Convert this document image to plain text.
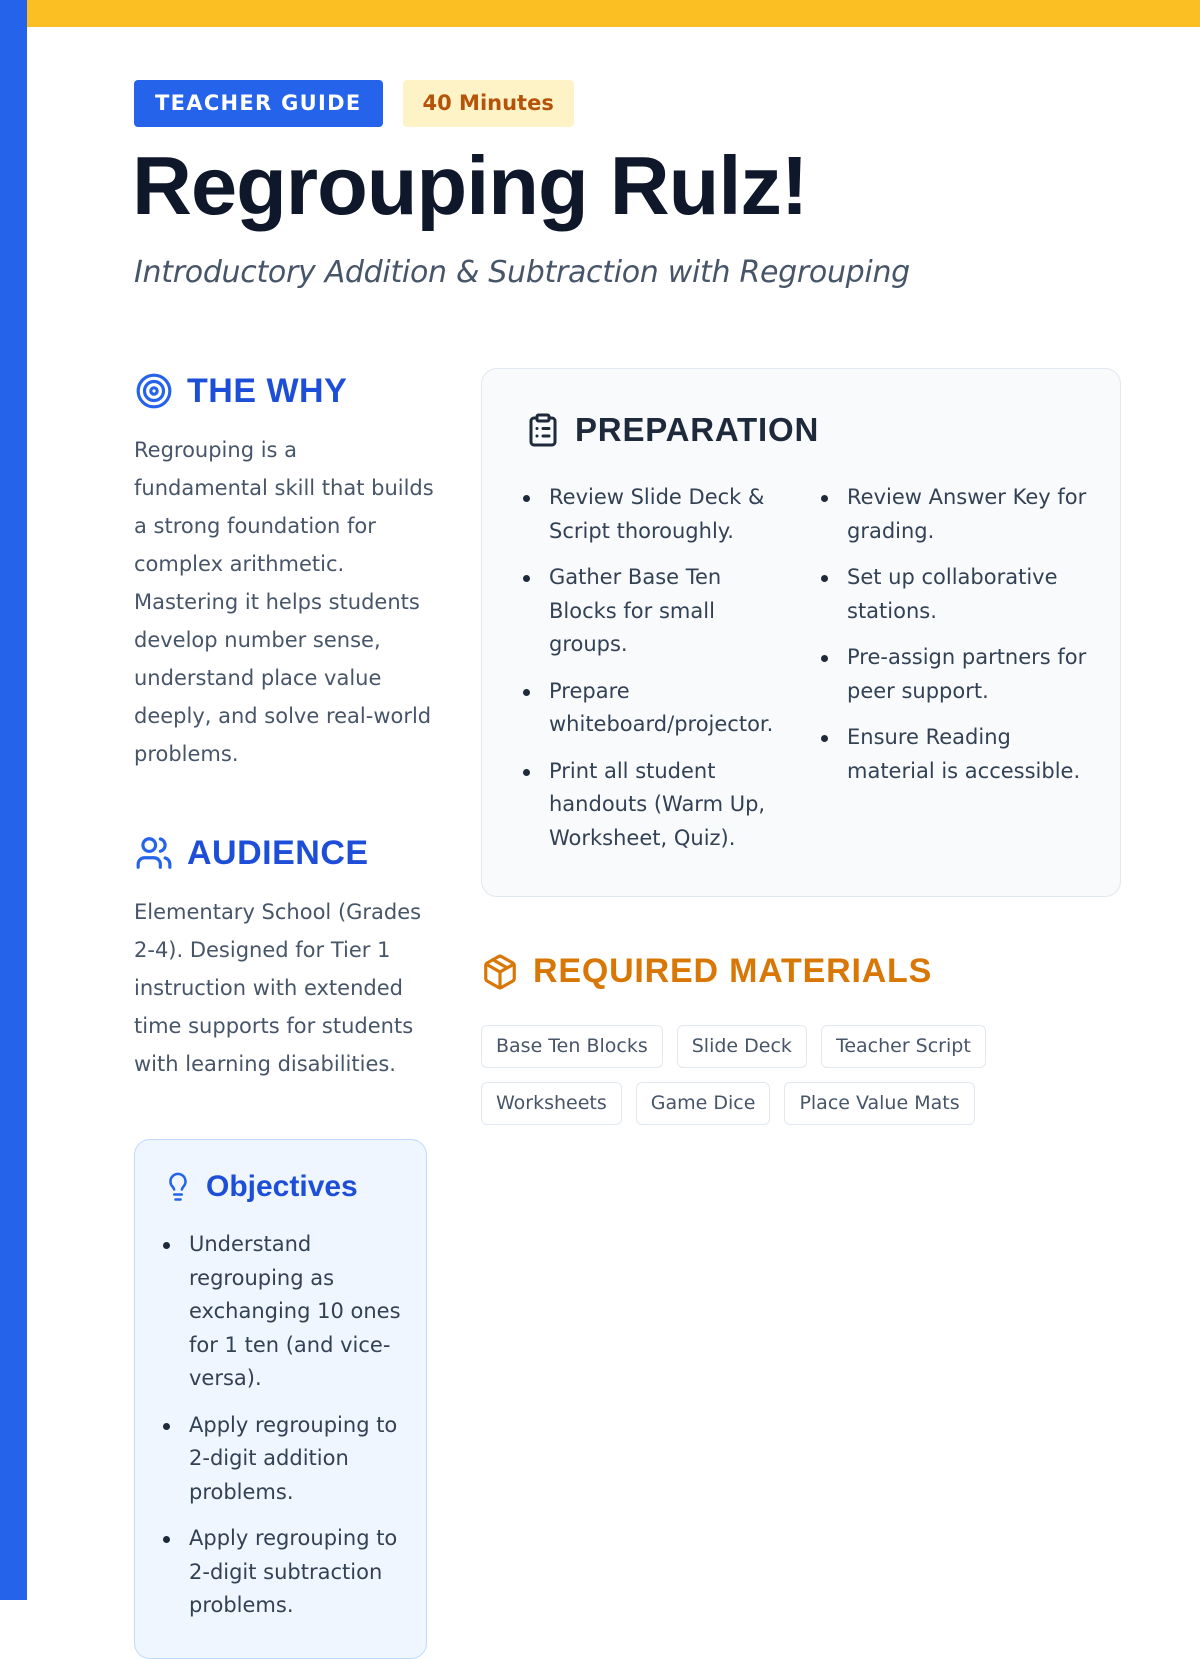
TEACHER GUIDE	40 Minutes
Regrouping Rulz!
Introductory Addition & Subtraction with Regrouping
THE WHY

Regrouping is a fundamental skill that builds a strong foundation for complex arithmetic. Mastering it helps students develop number sense, understand place value deeply, and solve real-world problems.

AUDIENCE

Elementary School (Grades 2-4). Designed for Tier 1 instruction with extended time supports for students with learning disabilities.

Objectives
Understand regrouping as exchanging 10 ones for 1 ten (and vice-versa).
Apply regrouping to 2-digit addition problems.
Apply regrouping to 2-digit subtraction problems.
PREPARATION
Review Slide Deck & Script thoroughly.
Gather Base Ten Blocks for small groups.
Prepare whiteboard/projector.
Print all student handouts (Warm Up, Worksheet, Quiz).
Review Answer Key for grading.
Set up collaborative stations.
Pre-assign partners for peer support.
Ensure Reading material is accessible.
REQUIRED MATERIALS
Base Ten Blocks	Slide Deck	Teacher Script
Worksheets	Game Dice	Place Value Mats
